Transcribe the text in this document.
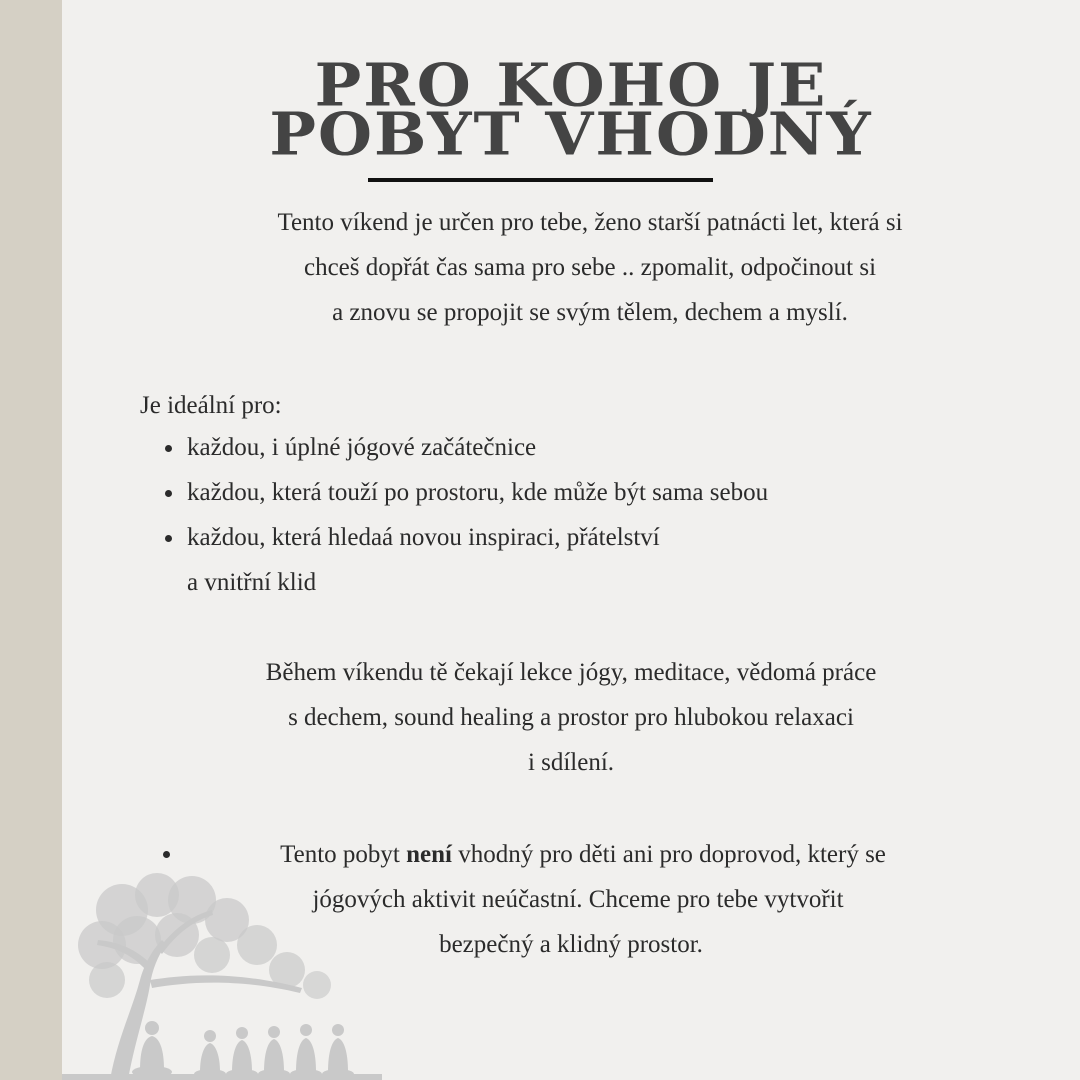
PRO KOHO JE
POBYT VHODNÝ
Tento víkend je určen pro tebe, ženo starší patnácti let, která si
chceš dopřát čas sama pro sebe .. zpomalit, odpočinout si
a znovu se propojit se svým tělem, dechem a myslí.
Je ideální pro:
každou, i úplné jógové začátečnice
každou, která touží po prostoru, kde může být sama sebou
každou, která hledaá novou inspiraci, přátelství
a vnitřní klid
Během víkendu tě čekají lekce jógy, meditace, vědomá práce
s dechem, sound healing a prostor pro hlubokou relaxaci
i sdílení.
Tento pobyt není vhodný pro děti ani pro doprovod, který se
jógových aktivit neúčastní. Chceme pro tebe vytvořit
bezpečný a klidný prostor.
